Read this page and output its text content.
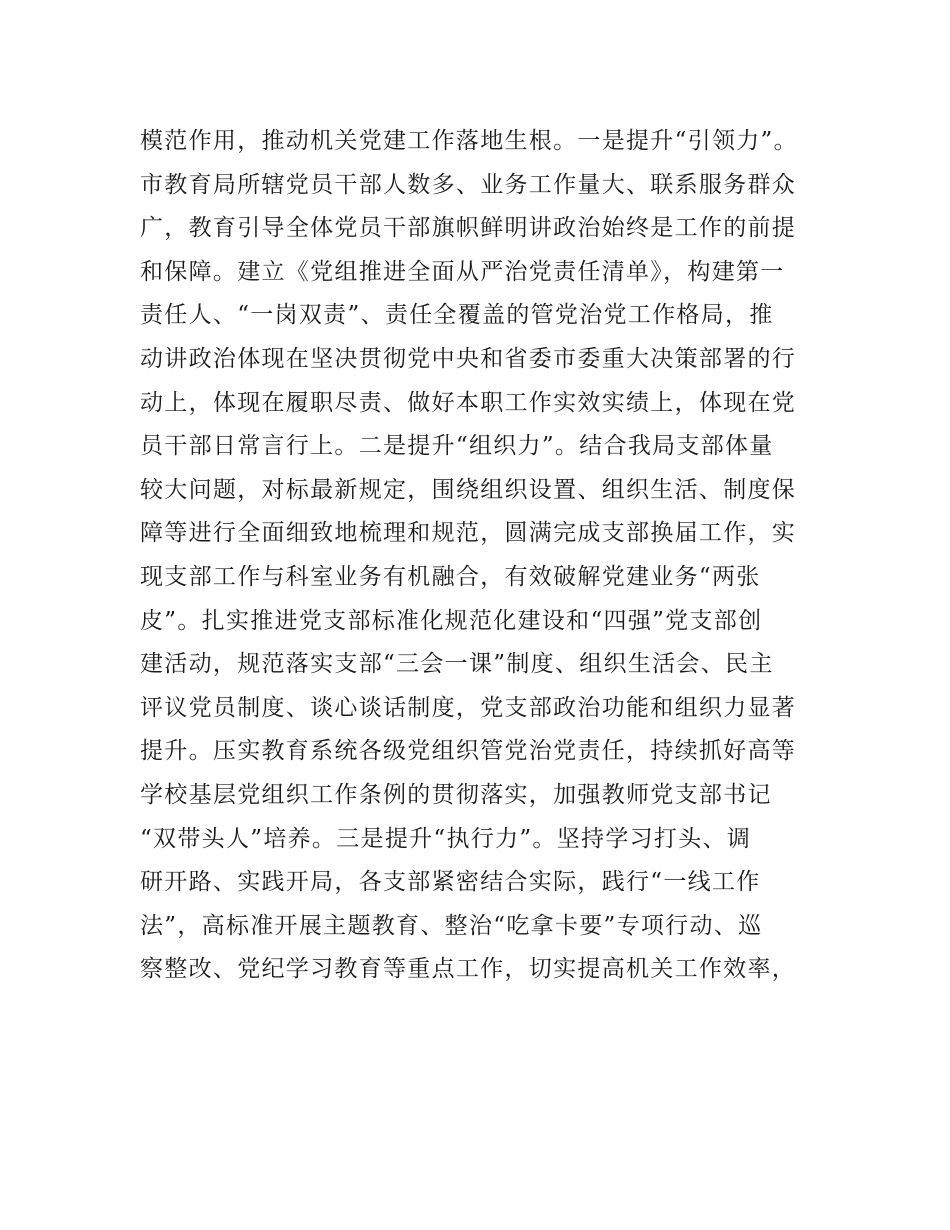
模范作用，推动机关党建工作落地生根。一是提升“引领力”。
市教育局所辖党员干部人数多、业务工作量大、联系服务群众
广，教育引导全体党员干部旗帜鲜明讲政治始终是工作的前提
和保障。建立《党组推进全面从严治党责任清单》，构建第一
责任人、“一岗双责”、责任全覆盖的管党治党工作格局，推
动讲政治体现在坚决贯彻党中央和省委市委重大决策部署的行
动上，体现在履职尽责、做好本职工作实效实绩上，体现在党
员干部日常言行上。二是提升“组织力”。结合我局支部体量
较大问题，对标最新规定，围绕组织设置、组织生活、制度保
障等进行全面细致地梳理和规范，圆满完成支部换届工作，实
现支部工作与科室业务有机融合，有效破解党建业务“两张
皮”。扎实推进党支部标准化规范化建设和“四强”党支部创
建活动，规范落实支部“三会一课”制度、组织生活会、民主
评议党员制度、谈心谈话制度，党支部政治功能和组织力显著
提升。压实教育系统各级党组织管党治党责任，持续抓好高等
学校基层党组织工作条例的贯彻落实，加强教师党支部书记
“双带头人”培养。三是提升“执行力”。坚持学习打头、调
研开路、实践开局，各支部紧密结合实际，践行“一线工作
法”，高标准开展主题教育、整治“吃拿卡要”专项行动、巡
察整改、党纪学习教育等重点工作，切实提高机关工作效率，
